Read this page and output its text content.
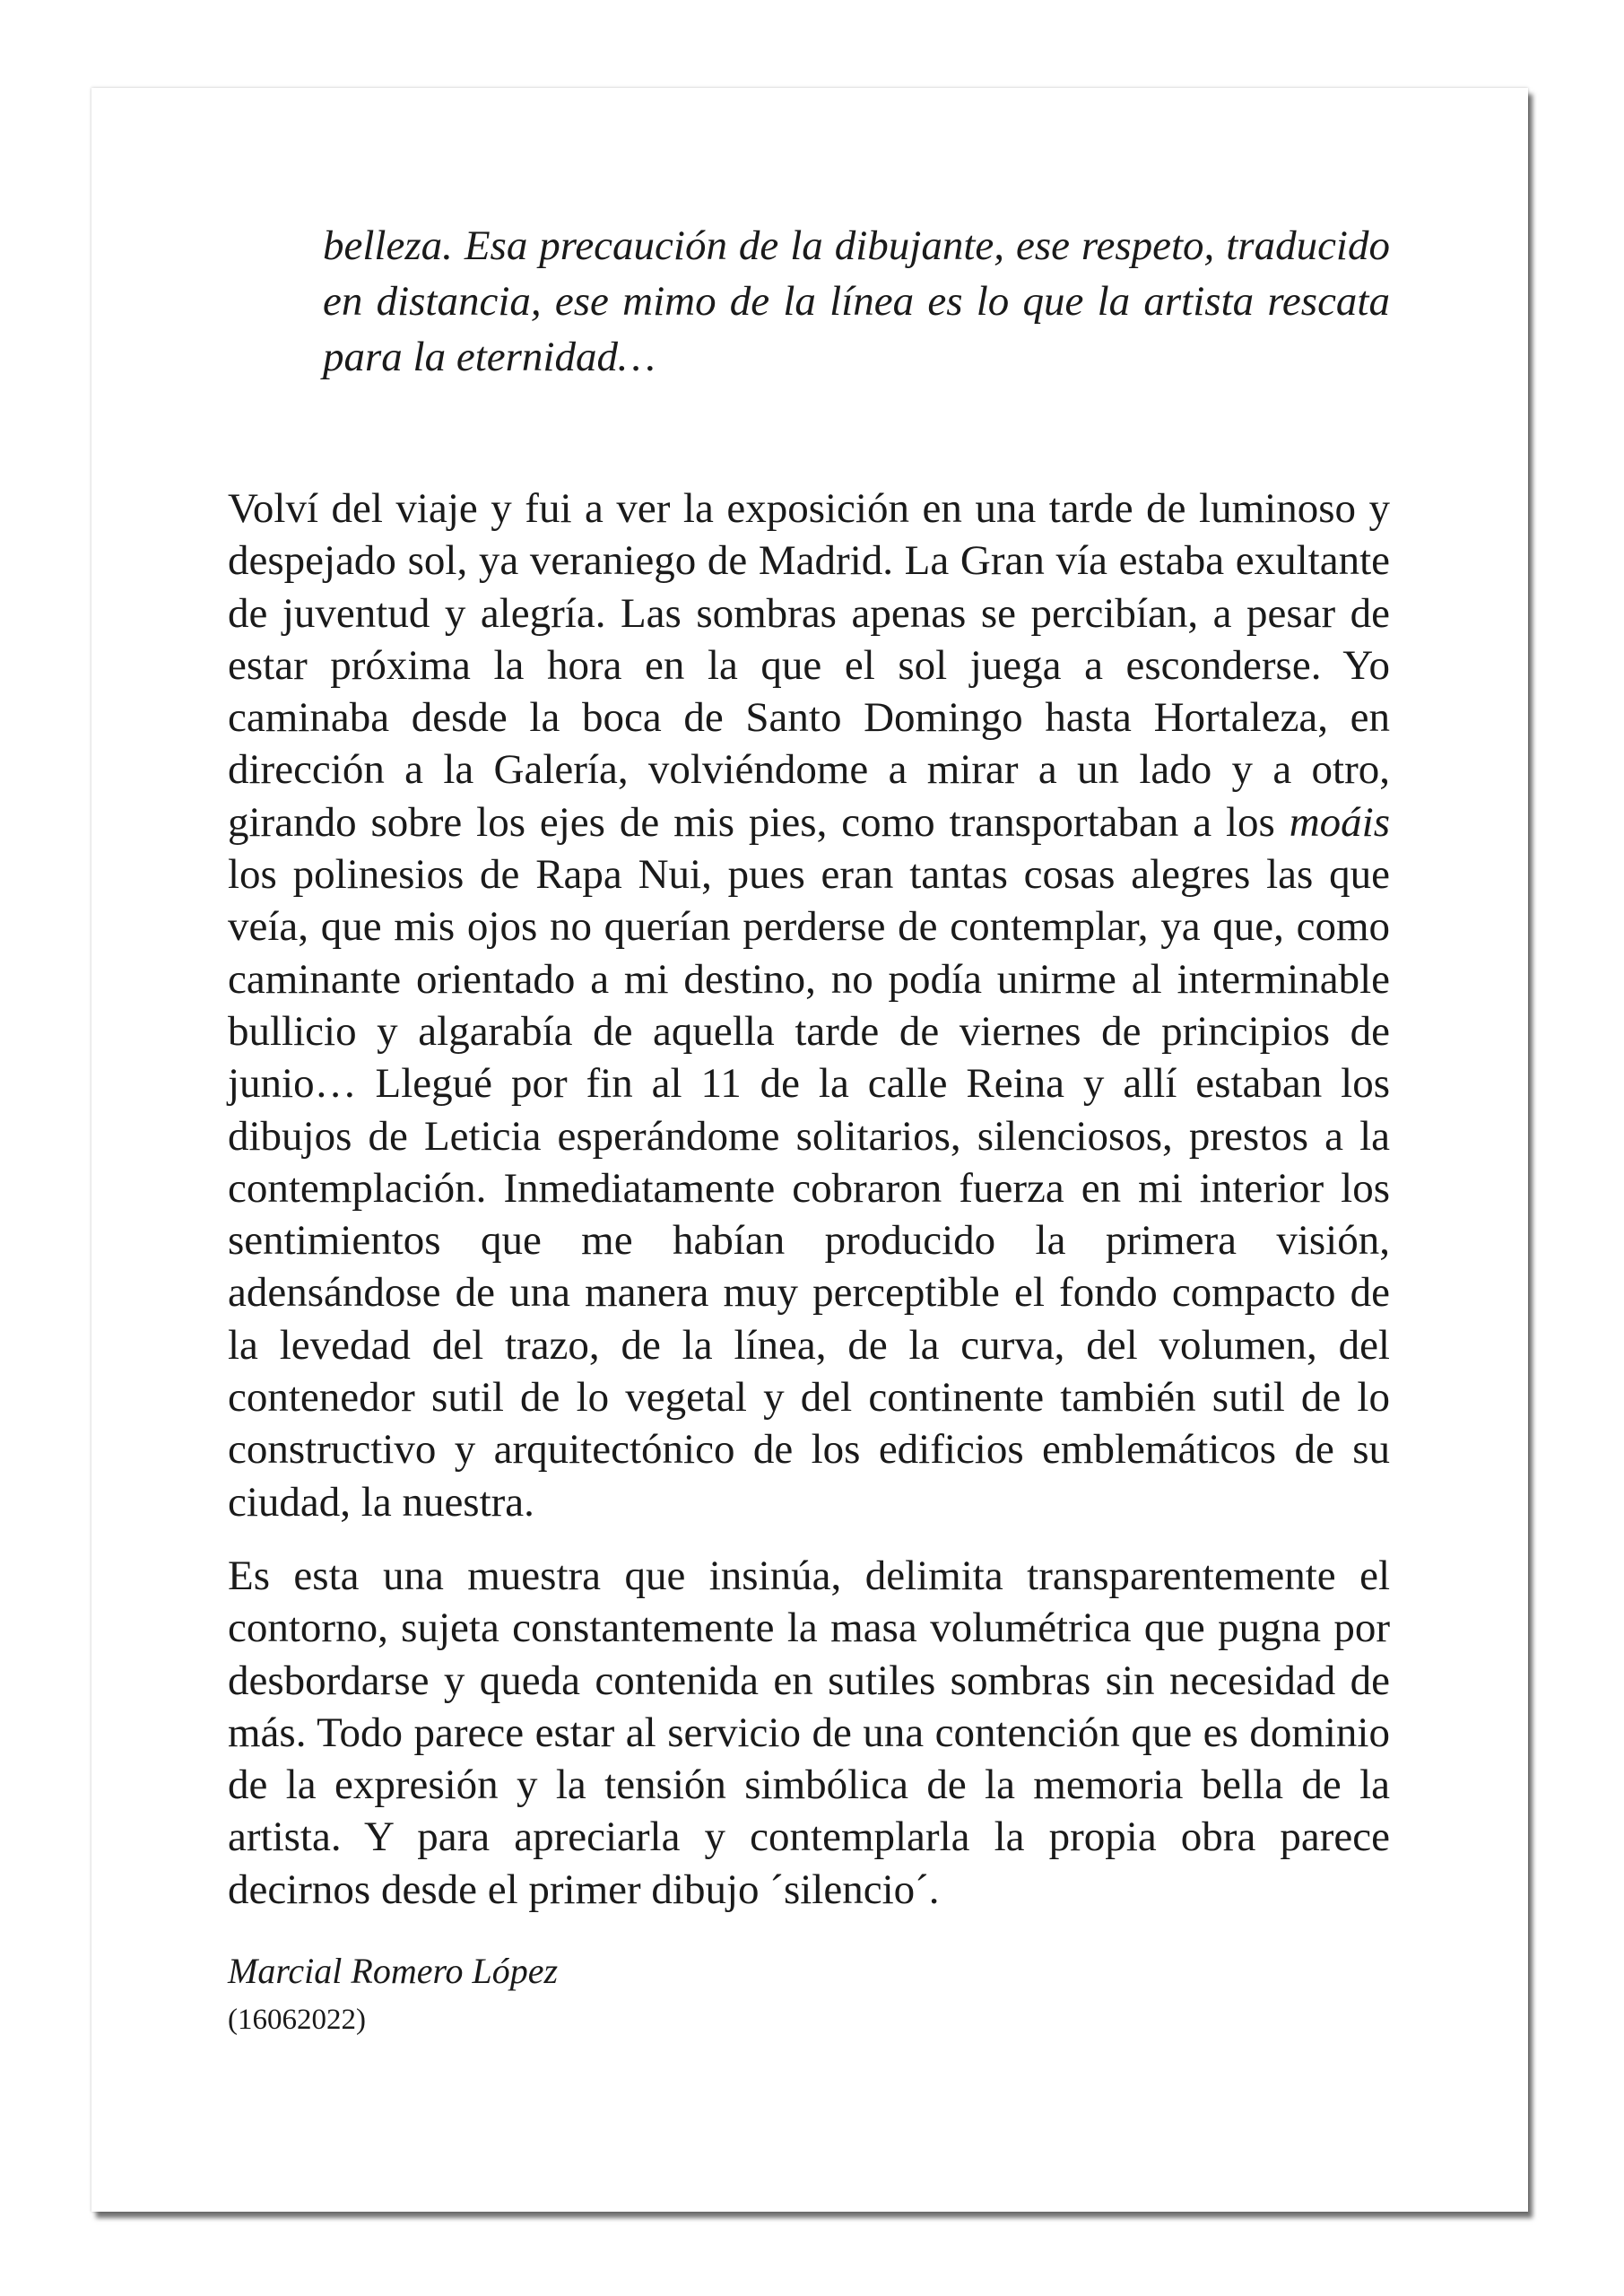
belleza. Esa precaución de la dibujante, ese respeto, traducido en distancia, ese mimo de la línea es lo que la artista rescata para la eternidad…

Volví del viaje y fui a ver la exposición en una tarde de luminoso y despejado sol, ya veraniego de Madrid. La Gran vía estaba exultante de juventud y alegría. Las sombras apenas se percibían, a pesar de estar próxima la hora en la que el sol juega a esconderse. Yo caminaba desde la boca de Santo Domingo hasta Hortaleza, en dirección a la Galería, volviéndome a mirar a un lado y a otro, girando sobre los ejes de mis pies, como transportaban a los moáis los polinesios de Rapa Nui, pues eran tantas cosas alegres las que veía, que mis ojos no querían perderse de contemplar, ya que, como caminante orientado a mi destino, no podía unirme al interminable bullicio y algarabía de aquella tarde de viernes de principios de junio… Llegué por fin al 11 de la calle Reina y allí estaban los dibujos de Leticia esperándome solitarios, silenciosos, prestos a la contemplación. Inmediatamente cobraron fuerza en mi interior los sentimientos que me habían producido la primera visión, adensándose de una manera muy perceptible el fondo compacto de la levedad del trazo, de la línea, de la curva, del volumen, del contenedor sutil de lo vegetal y del continente también sutil de lo constructivo y arquitectónico de los edificios emblemáticos de su ciudad, la nuestra.

Es esta una muestra que insinúa, delimita transparentemente el contorno, sujeta constantemente la masa volumétrica que pugna por desbordarse y queda contenida en sutiles sombras sin necesidad de más. Todo parece estar al servicio de una contención que es dominio de la expresión y la tensión simbólica de la memoria bella de la artista. Y para apreciarla y contemplarla la propia obra parece decirnos desde el primer dibujo ´silencio´.

Marcial Romero López

(16062022)
